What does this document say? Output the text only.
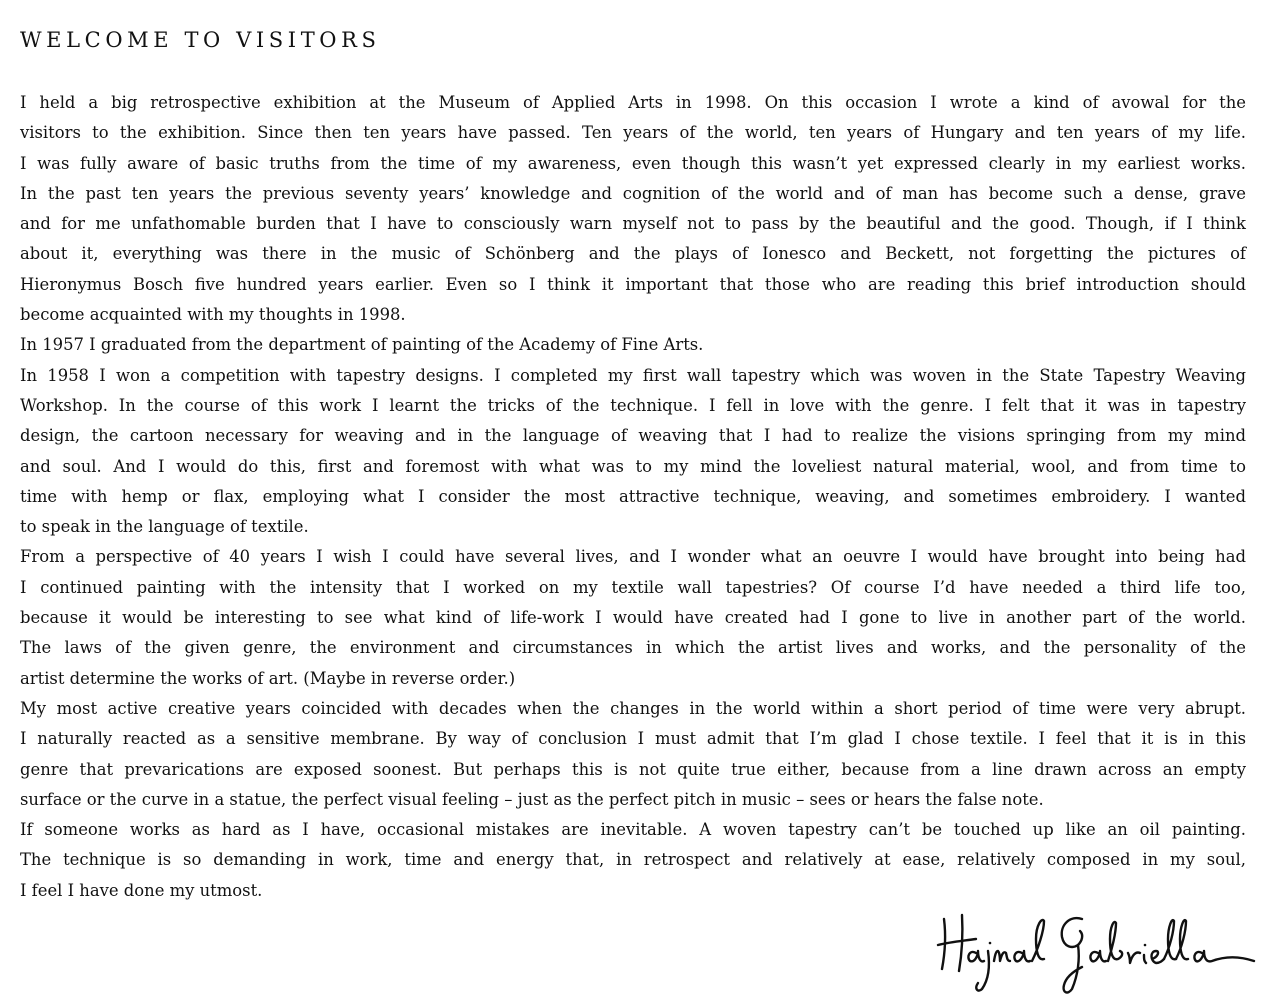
WELCOME TO VISITORS
I held a big retrospective exhibition at the Museum of Applied Arts in 1998. On this occasion I wrote a kind of avowal for the
visitors to the exhibition. Since then ten years have passed. Ten years of the world, ten years of Hungary and ten years of my life.
I was fully aware of basic truths from the time of my awareness, even though this wasn’t yet expressed clearly in my earliest works.
In the past ten years the previous seventy years’ knowledge and cognition of the world and of man has become such a dense, grave
and for me unfathomable burden that I have to consciously warn myself not to pass by the beautiful and the good. Though, if I think
about it, everything was there in the music of Schönberg and the plays of Ionesco and Beckett, not forgetting the pictures of
Hieronymus Bosch five hundred years earlier. Even so I think it important that those who are reading this brief introduction should
become acquainted with my thoughts in 1998.
In 1957 I graduated from the department of painting of the Academy of Fine Arts.
In 1958 I won a competition with tapestry designs. I completed my first wall tapestry which was woven in the State Tapestry Weaving
Workshop. In the course of this work I learnt the tricks of the technique. I fell in love with the genre. I felt that it was in tapestry
design, the cartoon necessary for weaving and in the language of weaving that I had to realize the visions springing from my mind
and soul. And I would do this, first and foremost with what was to my mind the loveliest natural material, wool, and from time to
time with hemp or flax, employing what I consider the most attractive technique, weaving, and sometimes embroidery. I wanted
to speak in the language of textile.
From a perspective of 40 years I wish I could have several lives, and I wonder what an oeuvre I would have brought into being had
I continued painting with the intensity that I worked on my textile wall tapestries? Of course I’d have needed a third life too,
because it would be interesting to see what kind of life-work I would have created had I gone to live in another part of the world.
The laws of the given genre, the environment and circumstances in which the artist lives and works, and the personality of the
artist determine the works of art. (Maybe in reverse order.)
My most active creative years coincided with decades when the changes in the world within a short period of time were very abrupt.
I naturally reacted as a sensitive membrane. By way of conclusion I must admit that I’m glad I chose textile. I feel that it is in this
genre that prevarications are exposed soonest. But perhaps this is not quite true either, because from a line drawn across an empty
surface or the curve in a statue, the perfect visual feeling – just as the perfect pitch in music – sees or hears the false note.
If someone works as hard as I have, occasional mistakes are inevitable. A woven tapestry can’t be touched up like an oil painting.
The technique is so demanding in work, time and energy that, in retrospect and relatively at ease, relatively composed in my soul,
I feel I have done my utmost.
